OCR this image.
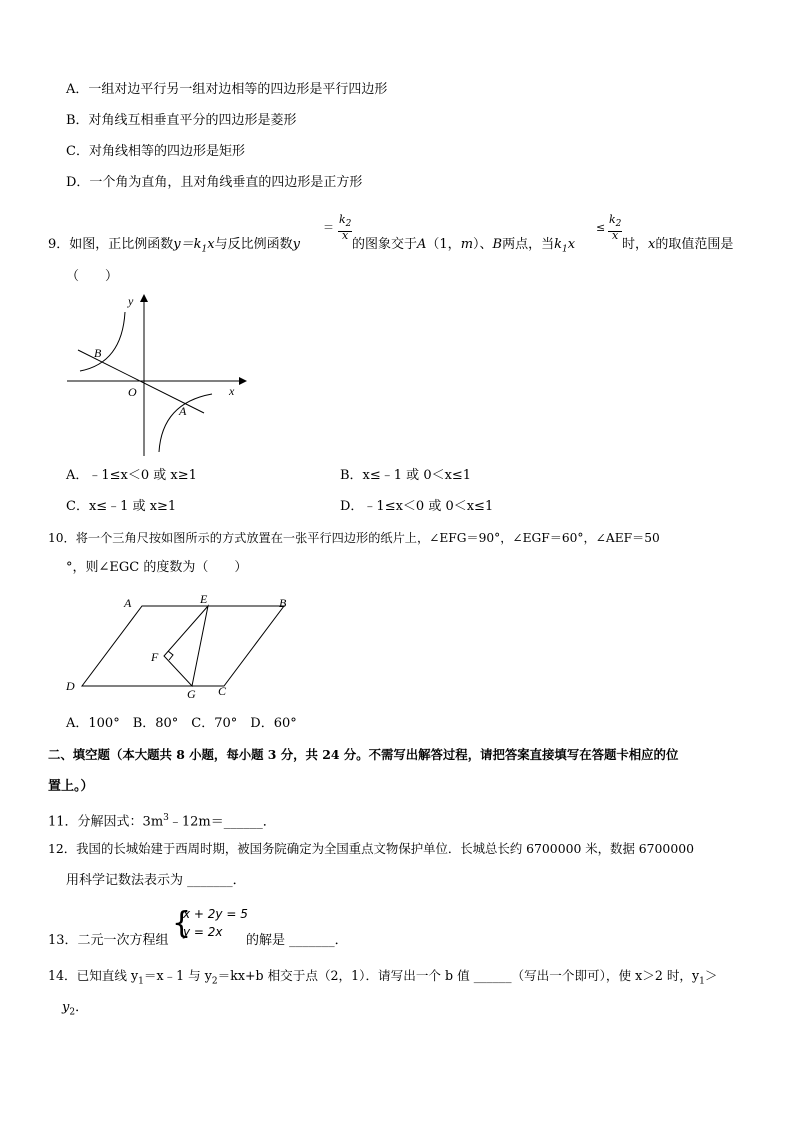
A．一组对边平行另一组对边相等的四边形是平行四边形
B．对角线互相垂直平分的四边形是菱形
C．对角线相等的四边形是矩形
D．一个角为直角，且对角线垂直的四边形是正方形
9．如图，正比例函数$y=k_1x$与反比例函数y
＝
$k_2$
x
的图象交于A（1，m）、B两点，当$k_1x$
≤
$k_2$
x
时，x的取值范围是
（　　）
y
x
O
A
B
A．﹣1≤x＜0 或 x≥1	B．x≤﹣1 或 0＜x≤1
C．x≤﹣1 或 x≥1	D．﹣1≤x＜0 或 0＜x≤1
10．将一个三角尺按如图所示的方式放置在一张平行四边形的纸片上，∠EFG＝90°，∠EGF＝60°，∠AEF＝50
°，则∠EGC 的度数为（　　）
A	E	B
F
D
G C
A．100°　B．80°　C．70°　D．60°
二、填空题（本大题共 8 小题，每小题 3 分，共 24 分。不需写出解答过程，请把答案直接填写在答题卡相应的位
置上。）
11．分解因式：$3m^3﹣12m=\_\_\_\_\_\_$．
12．我国的长城始建于西周时期，被国务院确定为全国重点文物保护单位．长城总长约 6700000 米，数据 6700000
用科学记数法表示为 _______．
13．二元一次方程组 {
x + 2y = 5
y = 2x
的解是 _______．
14．已知直线 $y_1=x﹣1$ 与 $y_2=kx+b$ 相交于点（2，1）．请写出一个 b 值 ______（写出一个即可），使 x＞2 时，$y_1>$
$y_2$．
